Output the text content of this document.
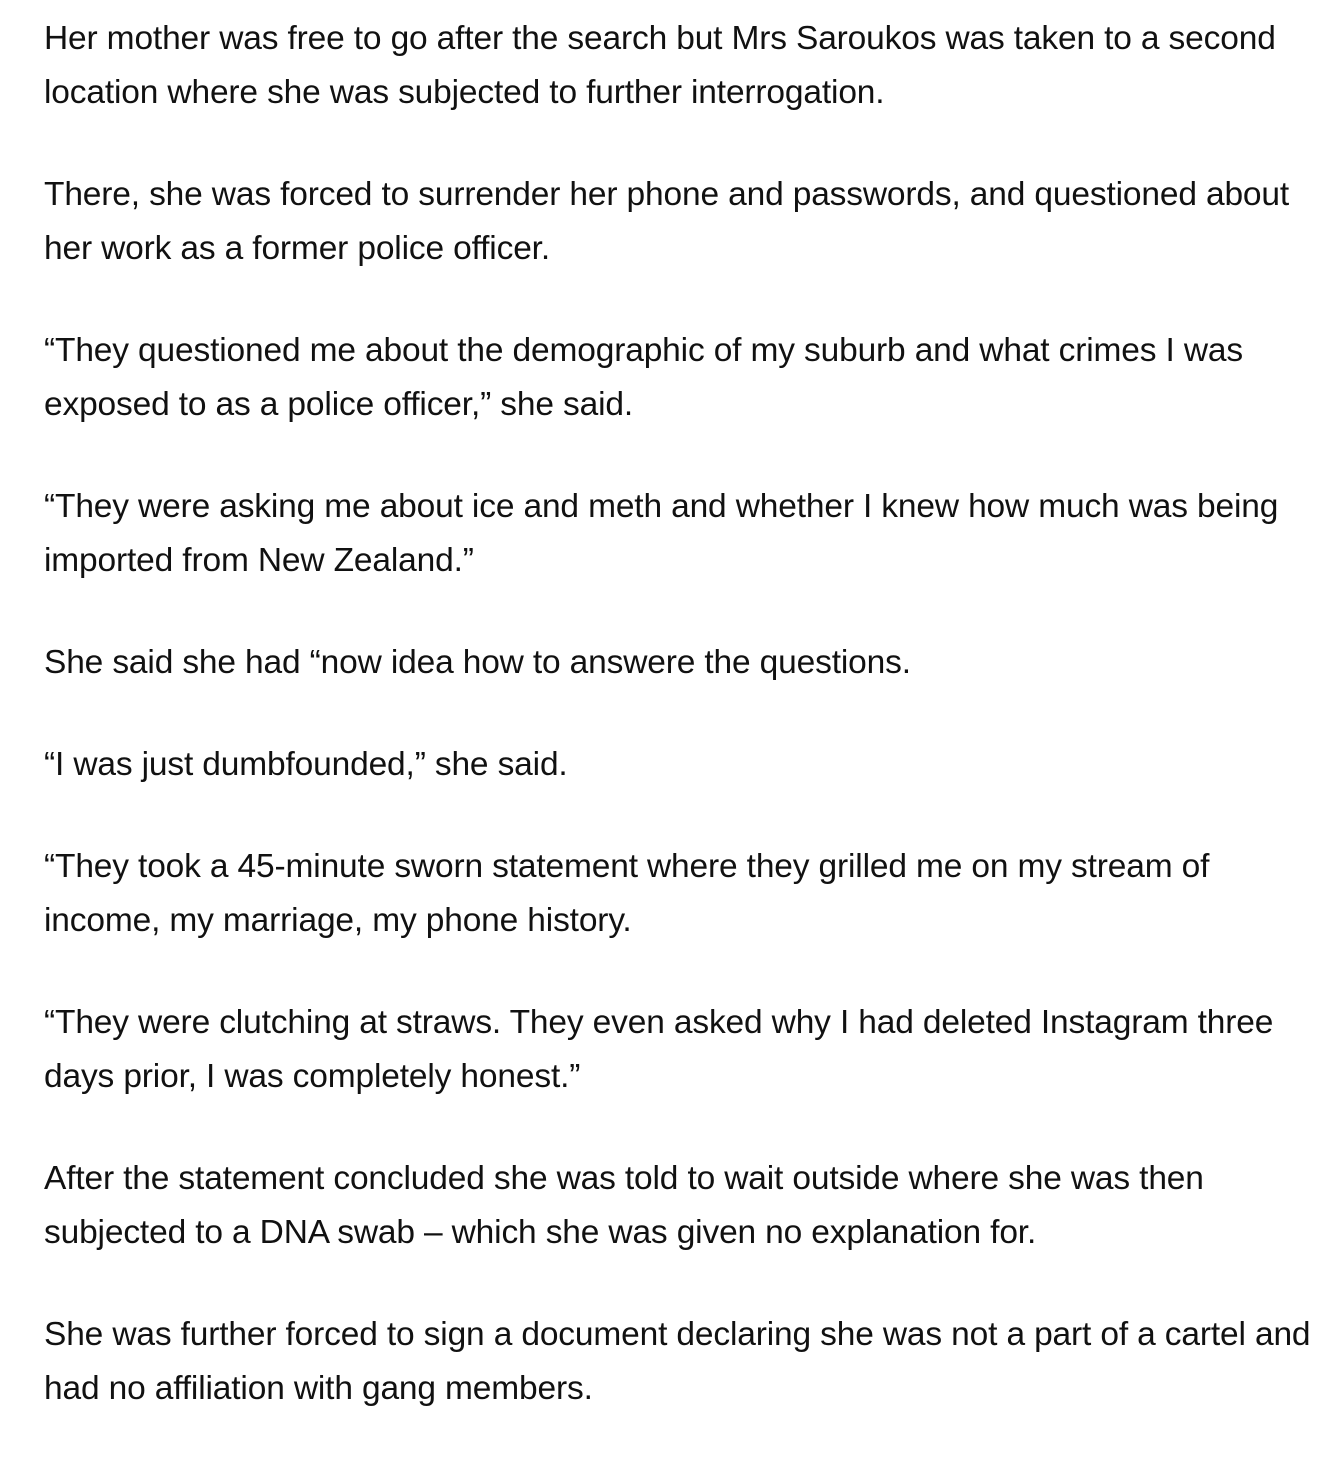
Her mother was free to go after the search but Mrs Saroukos was taken to a second location where she was subjected to further interrogation.

There, she was forced to surrender her phone and passwords, and questioned about her work as a former police officer.

“They questioned me about the demographic of my suburb and what crimes I was exposed to as a police officer,” she said.

“They were asking me about ice and meth and whether I knew how much was being imported from New Zealand.”

She said she had “now idea how to answere the questions.

“I was just dumbfounded,” she said.

“They took a 45-minute sworn statement where they grilled me on my stream of income, my marriage, my phone history.

“They were clutching at straws. They even asked why I had deleted Instagram three days prior, I was completely honest.”

After the statement concluded she was told to wait outside where she was then subjected to a DNA swab – which she was given no explanation for.

She was further forced to sign a document declaring she was not a part of a cartel and had no affiliation with gang members.
